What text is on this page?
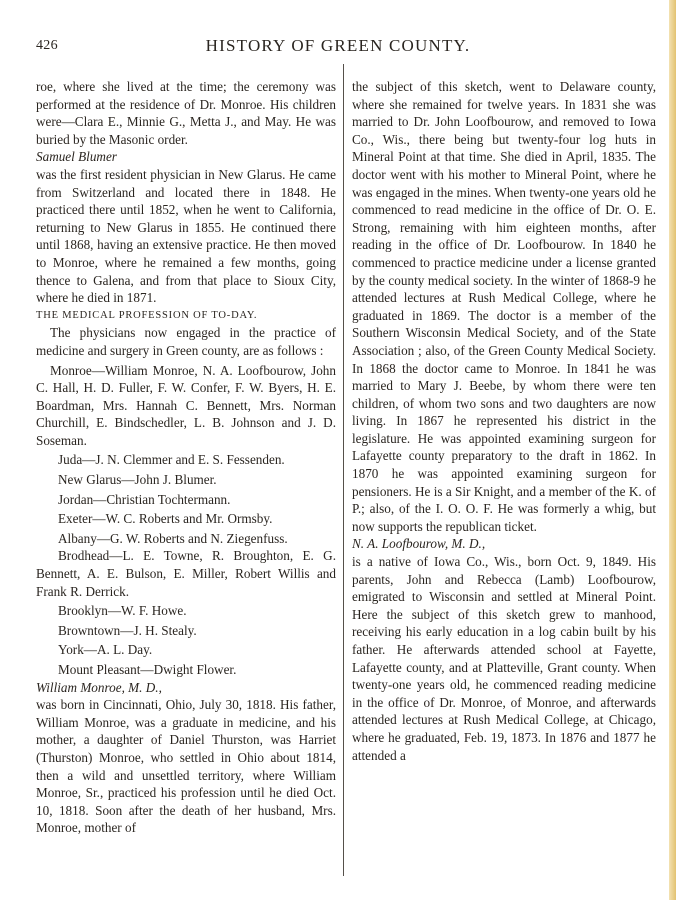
426	HISTORY OF GREEN COUNTY.

roe, where she lived at the time; the ceremony was performed at the residence of Dr. Monroe. His children were—Clara E., Minnie G., Metta J., and May. He was buried by the Masonic order.

Samuel Blumer

was the first resident physician in New Glarus. He came from Switzerland and located there in 1848. He practiced there until 1852, when he went to California, returning to New Glarus in 1855. He continued there until 1868, having an extensive practice. He then moved to Monroe, where he remained a few months, going thence to Galena, and from that place to Sioux City, where he died in 1871.

THE MEDICAL PROFESSION OF TO-DAY.

The physicians now engaged in the practice of medicine and surgery in Green county, are as follows :

Monroe—William Monroe, N. A. Loofbourow, John C. Hall, H. D. Fuller, F. W. Confer, F. W. Byers, H. E. Boardman, Mrs. Hannah C. Bennett, Mrs. Norman Churchill, E. Bindschedler, L. B. Johnson and J. D. Soseman.

Juda—J. N. Clemmer and E. S. Fessenden.

New Glarus—John J. Blumer.

Jordan—Christian Tochtermann.

Exeter—W. C. Roberts and Mr. Ormsby.

Albany—G. W. Roberts and N. Ziegenfuss.

Brodhead—L. E. Towne, R. Broughton, E. G. Bennett, A. E. Bulson, E. Miller, Robert Willis and Frank R. Derrick.

Brooklyn—W. F. Howe.

Browntown—J. H. Stealy.

York—A. L. Day.

Mount Pleasant—Dwight Flower.

William Monroe, M. D.,

was born in Cincinnati, Ohio, July 30, 1818. His father, William Monroe, was a graduate in medicine, and his mother, a daughter of Daniel Thurston, was Harriet (Thurston) Monroe, who settled in Ohio about 1814, then a wild and unsettled territory, where William Monroe, Sr., practiced his profession until he died Oct. 10, 1818. Soon after the death of her husband, Mrs. Monroe, mother of

the subject of this sketch, went to Delaware county, where she remained for twelve years. In 1831 she was married to Dr. John Loofbourow, and removed to Iowa Co., Wis., there being but twenty-four log huts in Mineral Point at that time. She died in April, 1835. The doctor went with his mother to Mineral Point, where he was engaged in the mines. When twenty-one years old he commenced to read medicine in the office of Dr. O. E. Strong, remaining with him eighteen months, after reading in the office of Dr. Loofbourow. In 1840 he commenced to practice medicine under a license granted by the county medical society. In the winter of 1868-9 he attended lectures at Rush Medical College, where he graduated in 1869. The doctor is a member of the Southern Wisconsin Medical Society, and of the State Association ; also, of the Green County Medical Society. In 1868 the doctor came to Monroe. In 1841 he was married to Mary J. Beebe, by whom there were ten children, of whom two sons and two daughters are now living. In 1867 he represented his district in the legislature. He was appointed examining surgeon for Lafayette county preparatory to the draft in 1862. In 1870 he was appointed examining surgeon for pensioners. He is a Sir Knight, and a member of the K. of P.; also, of the I. O. O. F. He was formerly a whig, but now supports the republican ticket.

N. A. Loofbourow, M. D.,

is a native of Iowa Co., Wis., born Oct. 9, 1849. His parents, John and Rebecca (Lamb) Loofbourow, emigrated to Wisconsin and settled at Mineral Point. Here the subject of this sketch grew to manhood, receiving his early education in a log cabin built by his father. He afterwards attended school at Fayette, Lafayette county, and at Platteville, Grant county. When twenty-one years old, he commenced reading medicine in the office of Dr. Monroe, of Monroe, and afterwards attended lectures at Rush Medical College, at Chicago, where he graduated, Feb. 19, 1873. In 1876 and 1877 he attended a
